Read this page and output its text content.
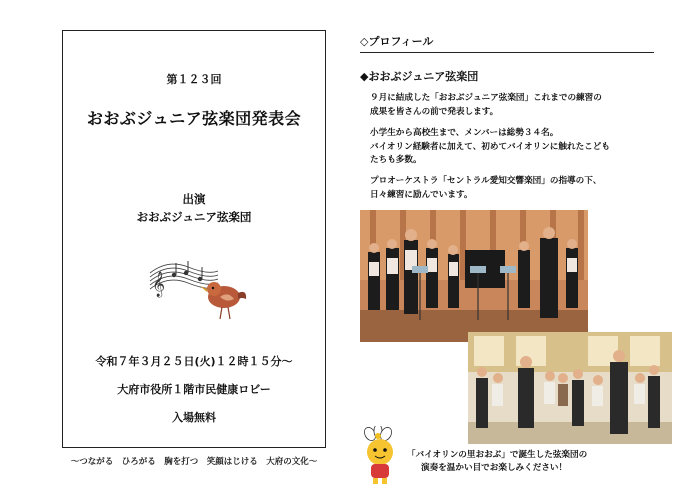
第１２３回
おおぶジュニア弦楽団発表会
出演
おおぶジュニア弦楽団
𝄞
令和７年３月２５日(火)１２時１５分～
大府市役所１階市民健康ロビー
入場無料
～つながる　ひろがる　胸を打つ　笑顔はじける　大府の文化～
◇プロフィール
◆おおぶジュニア弦楽団
９月に結成した「おおぶジュニア弦楽団」これまでの練習の
成果を皆さんの前で発表します。
小学生から高校生まで、メンバーは総勢３４名。
バイオリン経験者に加えて、初めてバイオリンに触れたこども
たちも多数。
プロオーケストラ「セントラル愛知交響楽団」の指導の下、
日々練習に励んでいます。
「バイオリンの里おおぶ」で誕生した弦楽団の
演奏を温かい目でお楽しみください！
